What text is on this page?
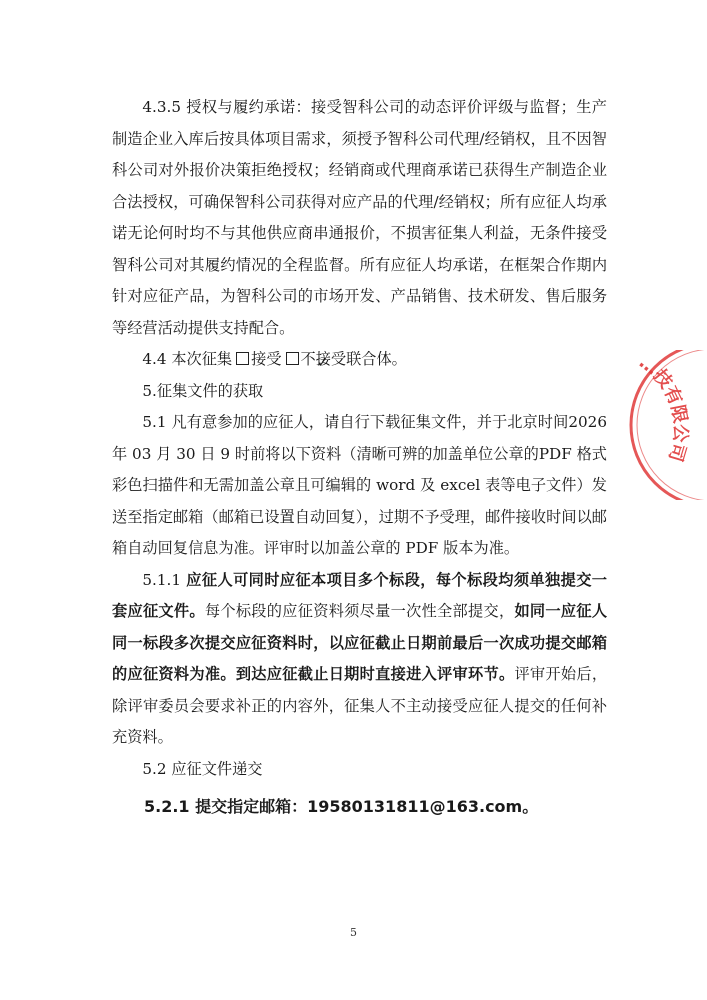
4.3.5 授权与履约承诺：接受智科公司的动态评价评级与监督；生产制造企业入库后按具体项目需求，须授予智科公司代理/经销权，且不因智科公司对外报价决策拒绝授权；经销商或代理商承诺已获得生产制造企业合法授权，可确保智科公司获得对应产品的代理/经销权；所有应征人均承诺无论何时均不与其他供应商串通报价，不损害征集人利益，无条件接受智科公司对其履约情况的全程监督。所有应征人均承诺，在框架合作期内针对应征产品，为智科公司的市场开发、产品销售、技术研发、售后服务等经营活动提供支持配合。

4.4 本次征集 接受✓ 不接受联合体。

5.征集文件的获取

5.1 凡有意参加的应征人，请自行下载征集文件，并于北京时间2026 年 03 月 30 日 9 时前将以下资料（清晰可辨的加盖单位公章的PDF 格式彩色扫描件和无需加盖公章且可编辑的 word 及 excel 表等电子文件）发送至指定邮箱（邮箱已设置自动回复），过期不予受理，邮件接收时间以邮箱自动回复信息为准。评审时以加盖公章的 PDF 版本为准。

5.1.1 应征人可同时应征本项目多个标段，每个标段均须单独提交一套应征文件。每个标段的应征资料须尽量一次性全部提交，如同一应征人同一标段多次提交应征资料时，以应征截止日期前最后一次成功提交邮箱的应征资料为准。到达应征截止日期时直接进入评审环节。评审开始后，除评审委员会要求补正的内容外，征集人不主动接受应征人提交的任何补充资料。

5.2 应征文件递交

5.2.1 提交指定邮箱：19580131811@163.com。

…技有限公司
5
